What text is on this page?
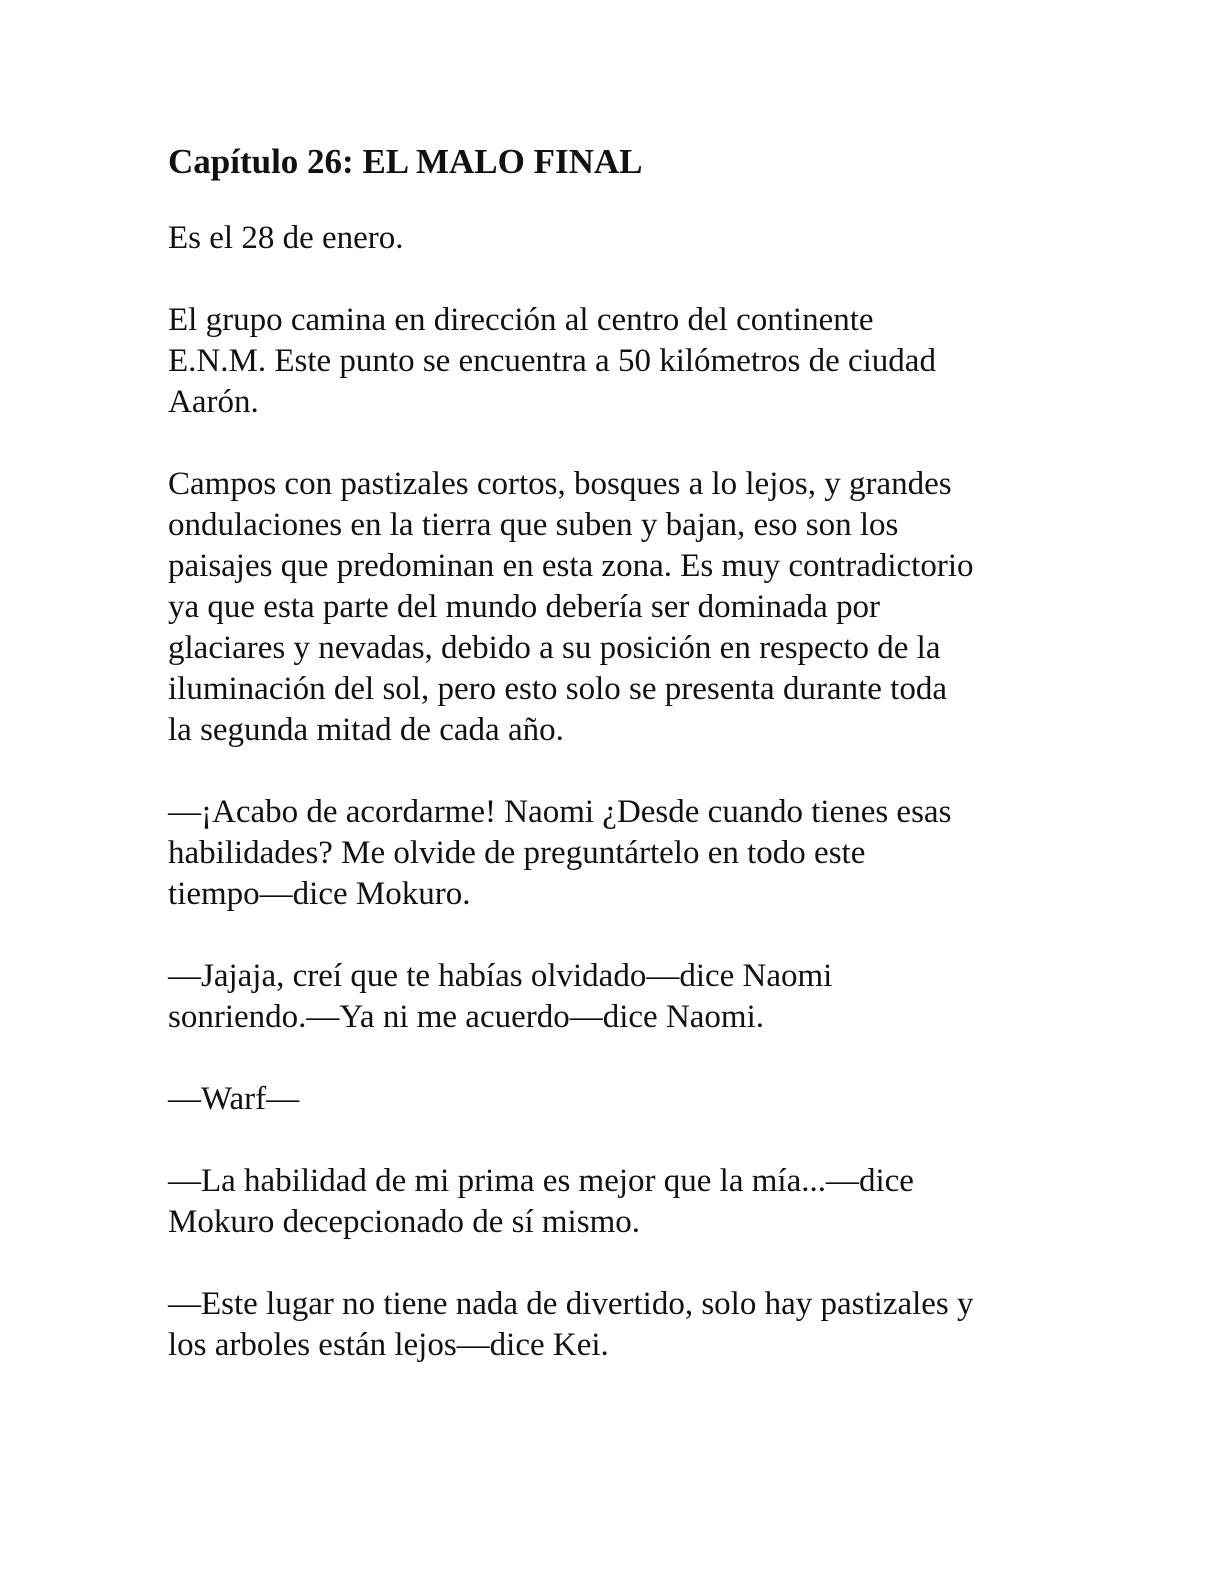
Capítulo 26: EL MALO FINAL

Es el 28 de enero.

El grupo camina en dirección al centro del continente
E.N.M. Este punto se encuentra a 50 kilómetros de ciudad
Aarón.

Campos con pastizales cortos, bosques a lo lejos, y grandes
ondulaciones en la tierra que suben y bajan, eso son los
paisajes que predominan en esta zona. Es muy contradictorio
ya que esta parte del mundo debería ser dominada por
glaciares y nevadas, debido a su posición en respecto de la
iluminación del sol, pero esto solo se presenta durante toda
la segunda mitad de cada año.

—¡Acabo de acordarme! Naomi ¿Desde cuando tienes esas
habilidades? Me olvide de preguntártelo en todo este
tiempo—dice Mokuro.

—Jajaja, creí que te habías olvidado—dice Naomi
sonriendo.—Ya ni me acuerdo—dice Naomi.

—Warf—

—La habilidad de mi prima es mejor que la mía...—dice
Mokuro decepcionado de sí mismo.

—Este lugar no tiene nada de divertido, solo hay pastizales y
los arboles están lejos—dice Kei.
